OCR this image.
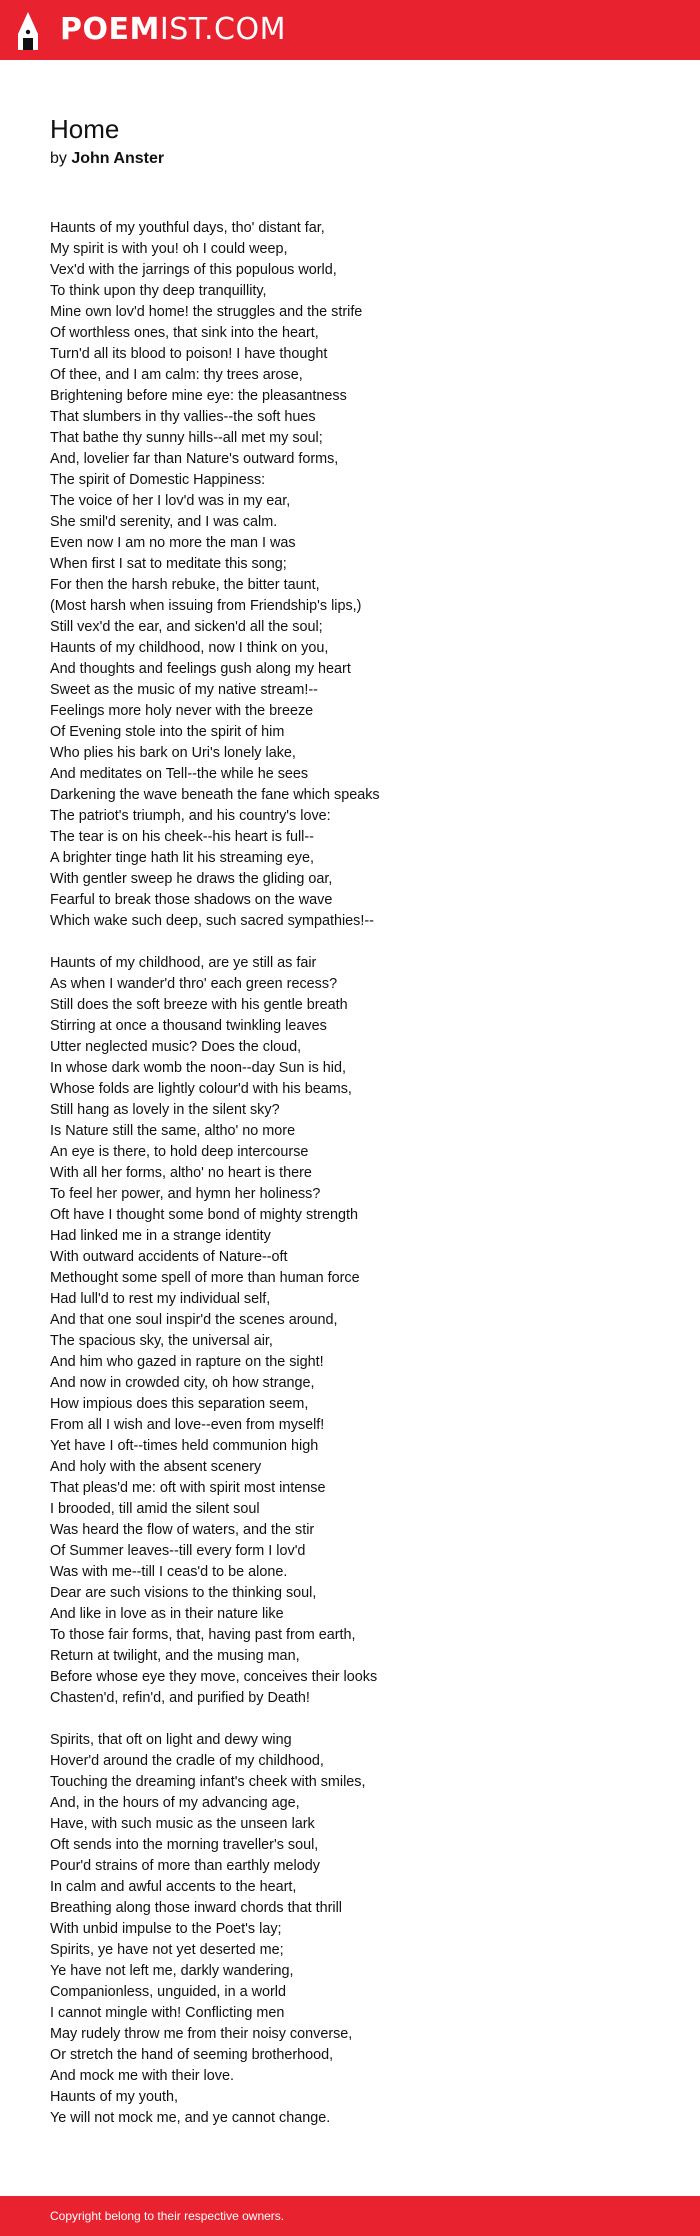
POEMIST.COM
Home
by John Anster
Haunts of my youthful days, tho' distant far,
My spirit is with you! oh I could weep,
Vex'd with the jarrings of this populous world,
To think upon thy deep tranquillity,
Mine own lov'd home! the struggles and the strife
Of worthless ones, that sink into the heart,
Turn'd all its blood to poison! I have thought
Of thee, and I am calm: thy trees arose,
Brightening before mine eye: the pleasantness
That slumbers in thy vallies--the soft hues
That bathe thy sunny hills--all met my soul;
And, lovelier far than Nature's outward forms,
The spirit of Domestic Happiness:
The voice of her I lov'd was in my ear,
She smil'd serenity, and I was calm.
Even now I am no more the man I was
When first I sat to meditate this song;
For then the harsh rebuke, the bitter taunt,
(Most harsh when issuing from Friendship's lips,)
Still vex'd the ear, and sicken'd all the soul;
Haunts of my childhood, now I think on you,
And thoughts and feelings gush along my heart
Sweet as the music of my native stream!--
Feelings more holy never with the breeze
Of Evening stole into the spirit of him
Who plies his bark on Uri's lonely lake,
And meditates on Tell--the while he sees
Darkening the wave beneath the fane which speaks
The patriot's triumph, and his country's love:
The tear is on his cheek--his heart is full--
A brighter tinge hath lit his streaming eye,
With gentler sweep he draws the gliding oar,
Fearful to break those shadows on the wave
Which wake such deep, such sacred sympathies!--
Haunts of my childhood, are ye still as fair
As when I wander'd thro' each green recess?
Still does the soft breeze with his gentle breath
Stirring at once a thousand twinkling leaves
Utter neglected music? Does the cloud,
In whose dark womb the noon--day Sun is hid,
Whose folds are lightly colour'd with his beams,
Still hang as lovely in the silent sky?
Is Nature still the same, altho' no more
An eye is there, to hold deep intercourse
With all her forms, altho' no heart is there
To feel her power, and hymn her holiness?
Oft have I thought some bond of mighty strength
Had linked me in a strange identity
With outward accidents of Nature--oft
Methought some spell of more than human force
Had lull'd to rest my individual self,
And that one soul inspir'd the scenes around,
The spacious sky, the universal air,
And him who gazed in rapture on the sight!
And now in crowded city, oh how strange,
How impious does this separation seem,
From all I wish and love--even from myself!
Yet have I oft--times held communion high
And holy with the absent scenery
That pleas'd me: oft with spirit most intense
I brooded, till amid the silent soul
Was heard the flow of waters, and the stir
Of Summer leaves--till every form I lov'd
Was with me--till I ceas'd to be alone.
Dear are such visions to the thinking soul,
And like in love as in their nature like
To those fair forms, that, having past from earth,
Return at twilight, and the musing man,
Before whose eye they move, conceives their looks
Chasten'd, refin'd, and purified by Death!
Spirits, that oft on light and dewy wing
Hover'd around the cradle of my childhood,
Touching the dreaming infant's cheek with smiles,
And, in the hours of my advancing age,
Have, with such music as the unseen lark
Oft sends into the morning traveller's soul,
Pour'd strains of more than earthly melody
In calm and awful accents to the heart,
Breathing along those inward chords that thrill
With unbid impulse to the Poet's lay;
Spirits, ye have not yet deserted me;
Ye have not left me, darkly wandering,
Companionless, unguided, in a world
I cannot mingle with! Conflicting men
May rudely throw me from their noisy converse,
Or stretch the hand of seeming brotherhood,
And mock me with their love.
Haunts of my youth,
Ye will not mock me, and ye cannot change.
Copyright belong to their respective owners.
